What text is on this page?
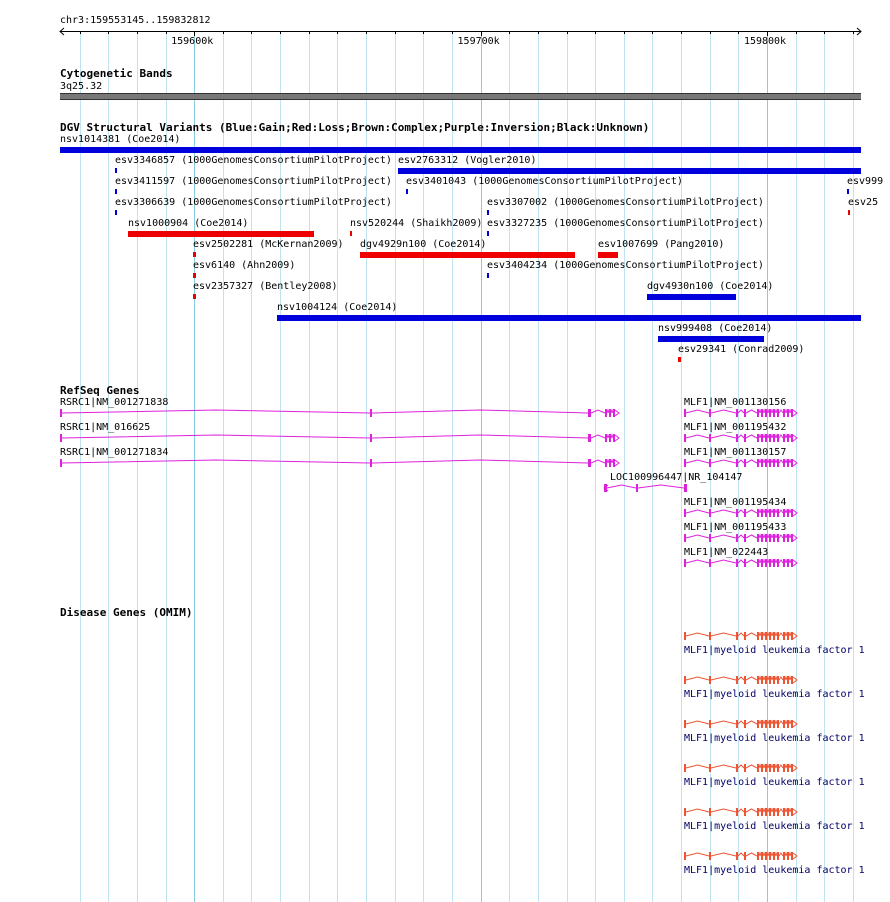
chr3:159553145..159832812
159600k	159700k	159800k
Cytogenetic Bands
3q25.32
DGV Structural Variants (Blue:Gain;Red:Loss;Brown:Complex;Purple:Inversion;Black:Unknown)
nsv1014381 (Coe2014)
esv3346857 (1000GenomesConsortiumPilotProject) esv2763312 (Vogler2010)
esv3411597 (1000GenomesConsortiumPilotProject) esv3401043 (1000GenomesConsortiumPilotProject)	esv999
esv3306639 (1000GenomesConsortiumPilotProject)	esv3307002 (1000GenomesConsortiumPilotProject)	esv25
nsv1000904 (Coe2014)	nsv520244 (Shaikh2009) esv3327235 (1000GenomesConsortiumPilotProject)
esv2502281 (McKernan2009) dgv4929n100 (Coe2014)	esv1007699 (Pang2010)
esv6140 (Ahn2009)	esv3404234 (1000GenomesConsortiumPilotProject)
esv2357327 (Bentley2008)	dgv4930n100 (Coe2014)
nsv1004124 (Coe2014)
nsv999408 (Coe2014)
esv29341 (Conrad2009)
RefSeq Genes
RSRC1|NM_001271838
RSRC1|NM_016625
RSRC1|NM_001271834
LOC100996447|NR_104147
MLF1|NM_001130156
MLF1|NM_001195432
MLF1|NM_001130157
MLF1|NM_001195434
MLF1|NM_001195433
MLF1|NM_022443
Disease Genes (OMIM)
MLF1|myeloid leukemia factor 1
MLF1|myeloid leukemia factor 1
MLF1|myeloid leukemia factor 1
MLF1|myeloid leukemia factor 1
MLF1|myeloid leukemia factor 1
MLF1|myeloid leukemia factor 1
